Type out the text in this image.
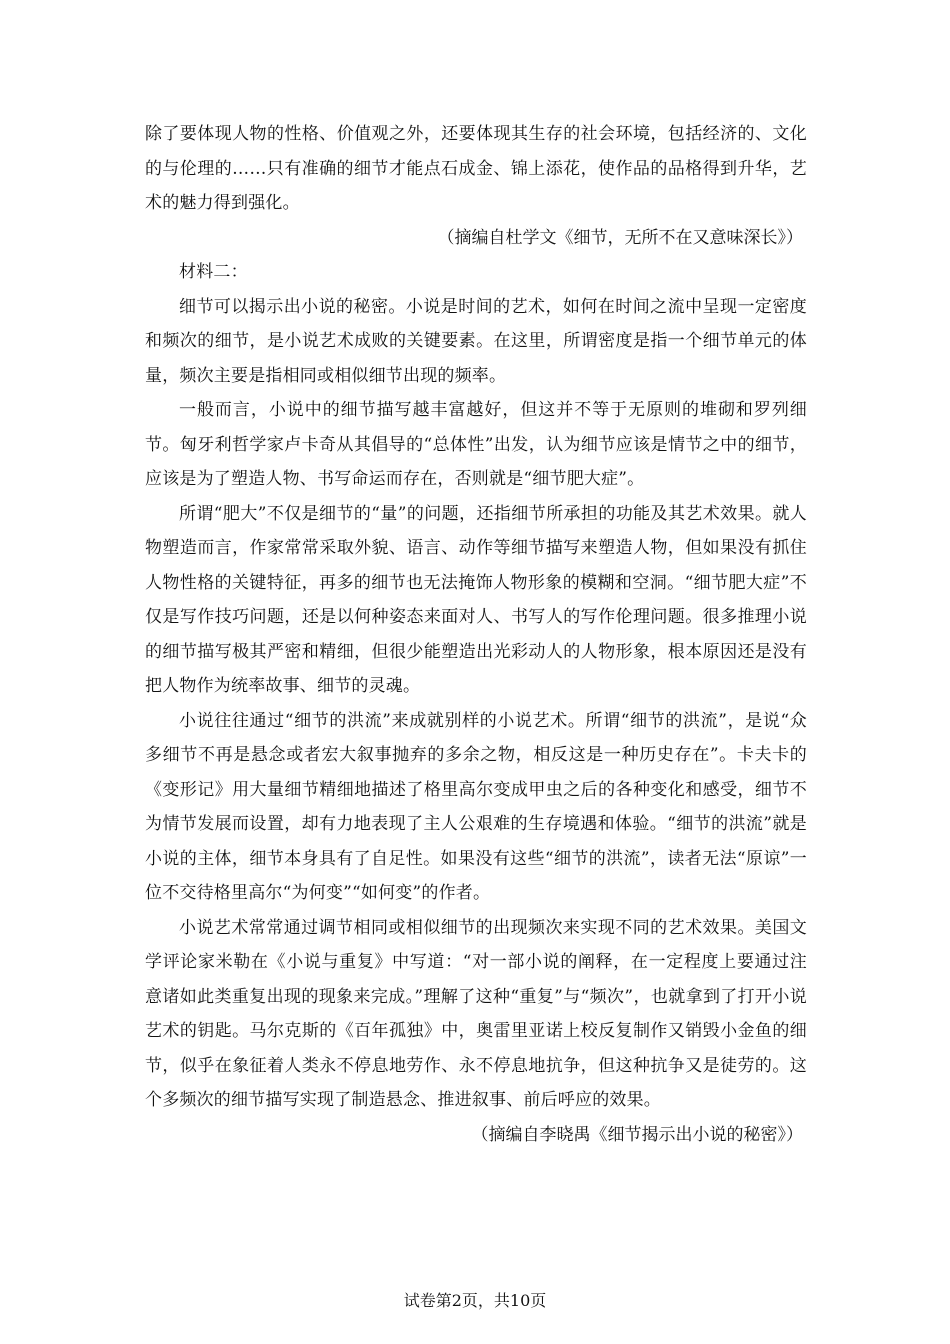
除了要体现人物的性格、价值观之外，还要体现其生存的社会环境，包括经济的、文化的与伦理的……只有准确的细节才能点石成金、锦上添花，使作品的品格得到升华，艺术的魅力得到强化。

（摘编自杜学文《细节，无所不在又意味深长》）

材料二：

细节可以揭示出小说的秘密。小说是时间的艺术，如何在时间之流中呈现一定密度和频次的细节，是小说艺术成败的关键要素。在这里，所谓密度是指一个细节单元的体量，频次主要是指相同或相似细节出现的频率。

一般而言，小说中的细节描写越丰富越好，但这并不等于无原则的堆砌和罗列细节。匈牙利哲学家卢卡奇从其倡导的“总体性”出发，认为细节应该是情节之中的细节，应该是为了塑造人物、书写命运而存在，否则就是“细节肥大症”。

所谓“肥大”不仅是细节的“量”的问题，还指细节所承担的功能及其艺术效果。就人物塑造而言，作家常常采取外貌、语言、动作等细节描写来塑造人物，但如果没有抓住人物性格的关键特征，再多的细节也无法掩饰人物形象的模糊和空洞。“细节肥大症”不仅是写作技巧问题，还是以何种姿态来面对人、书写人的写作伦理问题。很多推理小说的细节描写极其严密和精细，但很少能塑造出光彩动人的人物形象，根本原因还是没有把人物作为统率故事、细节的灵魂。

小说往往通过“细节的洪流”来成就别样的小说艺术。所谓“细节的洪流”，是说“众多细节不再是悬念或者宏大叙事抛弃的多余之物，相反这是一种历史存在”。卡夫卡的《变形记》用大量细节精细地描述了格里高尔变成甲虫之后的各种变化和感受，细节不为情节发展而设置，却有力地表现了主人公艰难的生存境遇和体验。“细节的洪流”就是小说的主体，细节本身具有了自足性。如果没有这些“细节的洪流”，读者无法“原谅”一位不交待格里高尔“为何变”“如何变”的作者。

小说艺术常常通过调节相同或相似细节的出现频次来实现不同的艺术效果。美国文学评论家米勒在《小说与重复》中写道：“对一部小说的阐释，在一定程度上要通过注意诸如此类重复出现的现象来完成。”理解了这种“重复”与“频次”，也就拿到了打开小说艺术的钥匙。马尔克斯的《百年孤独》中，奥雷里亚诺上校反复制作又销毁小金鱼的细节，似乎在象征着人类永不停息地劳作、永不停息地抗争，但这种抗争又是徒劳的。这个多频次的细节描写实现了制造悬念、推进叙事、前后呼应的效果。

（摘编自李晓禺《细节揭示出小说的秘密》）

试卷第2页，共10页
